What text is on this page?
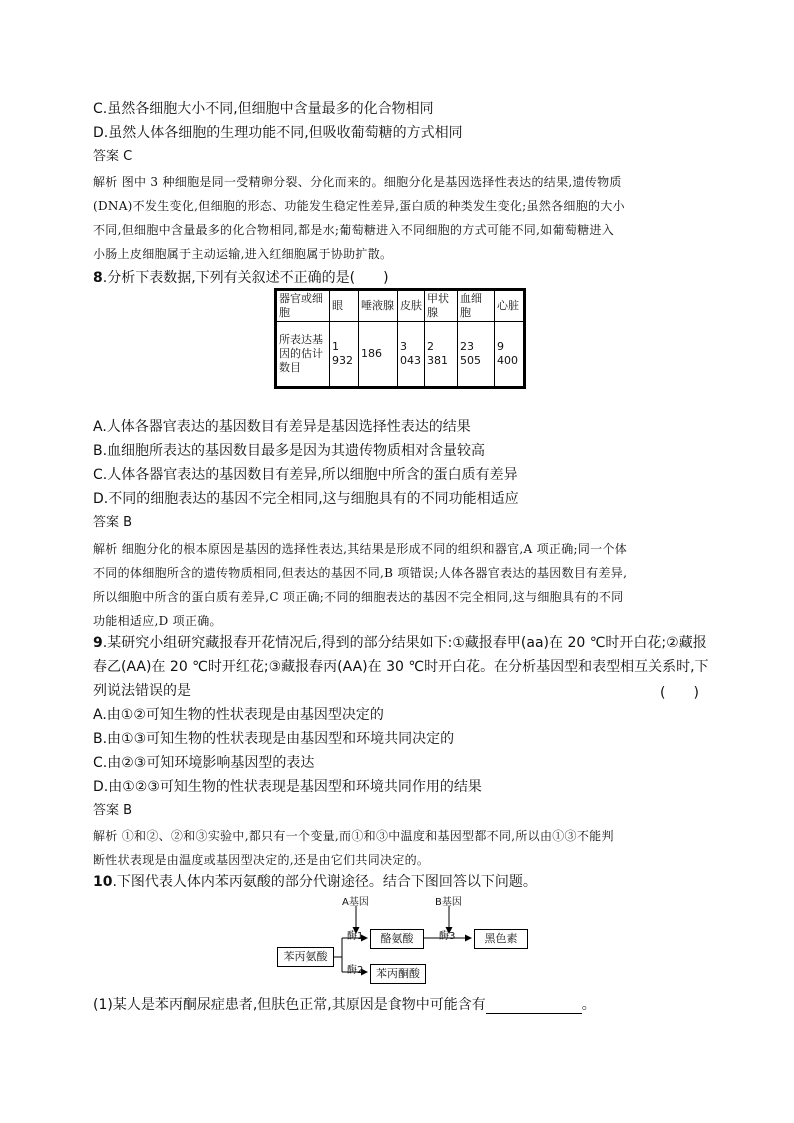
C.虽然各细胞大小不同,但细胞中含量最多的化合物相同
D.虽然人体各细胞的生理功能不同,但吸收葡萄糖的方式相同
答案 C
解析 图中 3 种细胞是同一受精卵分裂、分化而来的。细胞分化是基因选择性表达的结果,遗传物质
(DNA)不发生变化,但细胞的形态、功能发生稳定性差异,蛋白质的种类发生变化;虽然各细胞的大小
不同,但细胞中含量最多的化合物相同,都是水;葡萄糖进入不同细胞的方式可能不同,如葡萄糖进入
小肠上皮细胞属于主动运输,进入红细胞属于协助扩散。
8.分析下表数据,下列有关叙述不正确的是(　　)
器官或细胞	眼	唾液腺	皮肤	甲状腺	血细胞	心脏
所表达基因的估计数目	1 932	186	3 043	2 381	23 505	9 400
A.人体各器官表达的基因数目有差异是基因选择性表达的结果
B.血细胞所表达的基因数目最多是因为其遗传物质相对含量较高
C.人体各器官表达的基因数目有差异,所以细胞中所含的蛋白质有差异
D.不同的细胞表达的基因不完全相同,这与细胞具有的不同功能相适应
答案 B
解析 细胞分化的根本原因是基因的选择性表达,其结果是形成不同的组织和器官,A 项正确;同一个体
不同的体细胞所含的遗传物质相同,但表达的基因不同,B 项错误;人体各器官表达的基因数目有差异,
所以细胞中所含的蛋白质有差异,C 项正确;不同的细胞表达的基因不完全相同,这与细胞具有的不同
功能相适应,D 项正确。
9.某研究小组研究藏报春开花情况后,得到的部分结果如下:①藏报春甲(aa)在 20 ℃时开白花;②藏报
春乙(AA)在 20 ℃时开红花;③藏报春丙(AA)在 30 ℃时开白花。在分析基因型和表型相互关系时,下
列说法错误的是	(　　)
A.由①②可知生物的性状表现是由基因型决定的
B.由①③可知生物的性状表现是由基因型和环境共同决定的
C.由②③可知环境影响基因型的表达
D.由①②③可知生物的性状表现是基因型和环境共同作用的结果
答案 B
解析 ①和②、②和③实验中,都只有一个变量,而①和③中温度和基因型都不同,所以由①③不能判
断性状表现是由温度或基因型决定的,还是由它们共同决定的。
10.下图代表人体内苯丙氨酸的部分代谢途径。结合下图回答以下问题。
A基因	B基因
酶1	酶3
酶2
苯丙氨酸
酪氨酸	黑色素
苯丙酮酸
(1)某人是苯丙酮尿症患者,但肤色正常,其原因是食物中可能含有	。
